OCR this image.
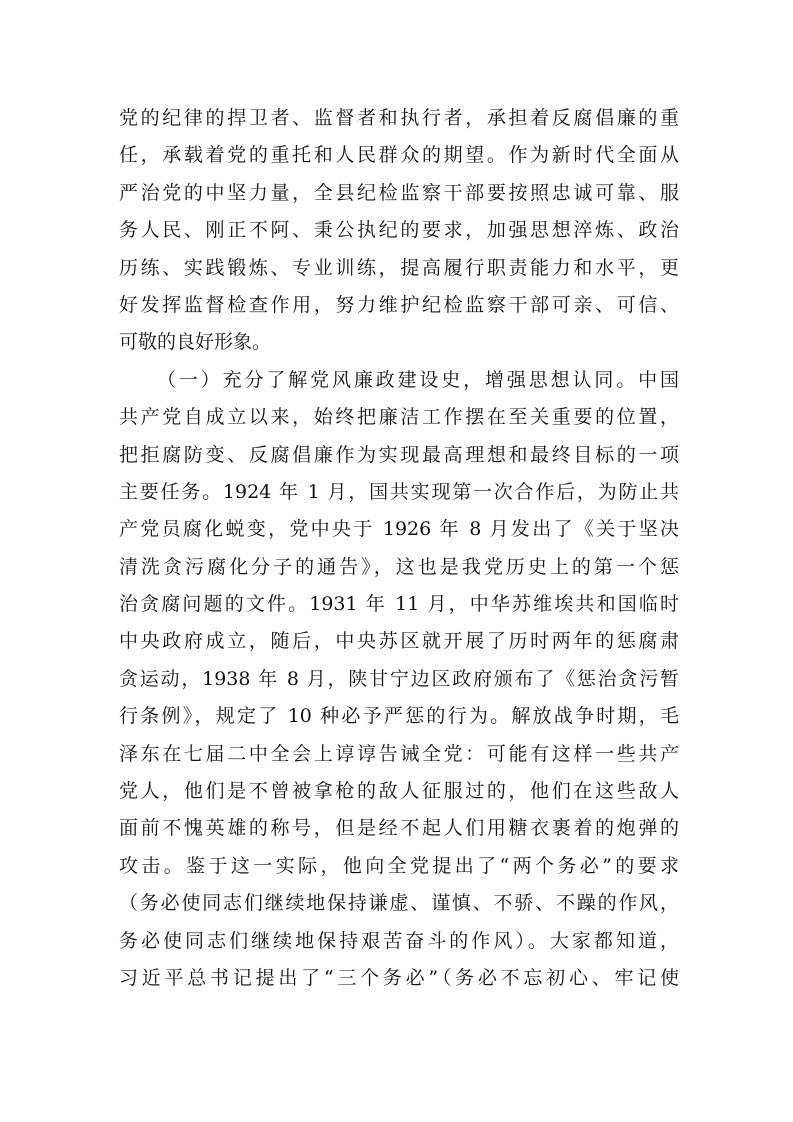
党的纪律的捍卫者、监督者和执行者，承担着反腐倡廉的重
任，承载着党的重托和人民群众的期望。作为新时代全面从
严治党的中坚力量，全县纪检监察干部要按照忠诚可靠、服
务人民、刚正不阿、秉公执纪的要求，加强思想淬炼、政治
历练、实践锻炼、专业训练，提高履行职责能力和水平，更
好发挥监督检查作用，努力维护纪检监察干部可亲、可信、
可敬的良好形象。
（一）充分了解党风廉政建设史，增强思想认同。中国
共产党自成立以来，始终把廉洁工作摆在至关重要的位置，
把拒腐防变、反腐倡廉作为实现最高理想和最终目标的一项
主要任务。1924 年 1 月，国共实现第一次合作后，为防止共
产党员腐化蜕变，党中央于 1926 年 8 月发出了《关于坚决
清洗贪污腐化分子的通告》，这也是我党历史上的第一个惩
治贪腐问题的文件。1931 年 11 月，中华苏维埃共和国临时
中央政府成立，随后，中央苏区就开展了历时两年的惩腐肃
贪运动，1938 年 8 月，陕甘宁边区政府颁布了《惩治贪污暂
行条例》，规定了 10 种必予严惩的行为。解放战争时期，毛
泽东在七届二中全会上谆谆告诫全党：可能有这样一些共产
党人，他们是不曾被拿枪的敌人征服过的，他们在这些敌人
面前不愧英雄的称号，但是经不起人们用糖衣裹着的炮弹的
攻击。鉴于这一实际，他向全党提出了“两个务必”的要求
（务必使同志们继续地保持谦虚、谨慎、不骄、不躁的作风，
务必使同志们继续地保持艰苦奋斗的作风）。大家都知道，
习近平总书记提出了“三个务必”（务必不忘初心、牢记使
